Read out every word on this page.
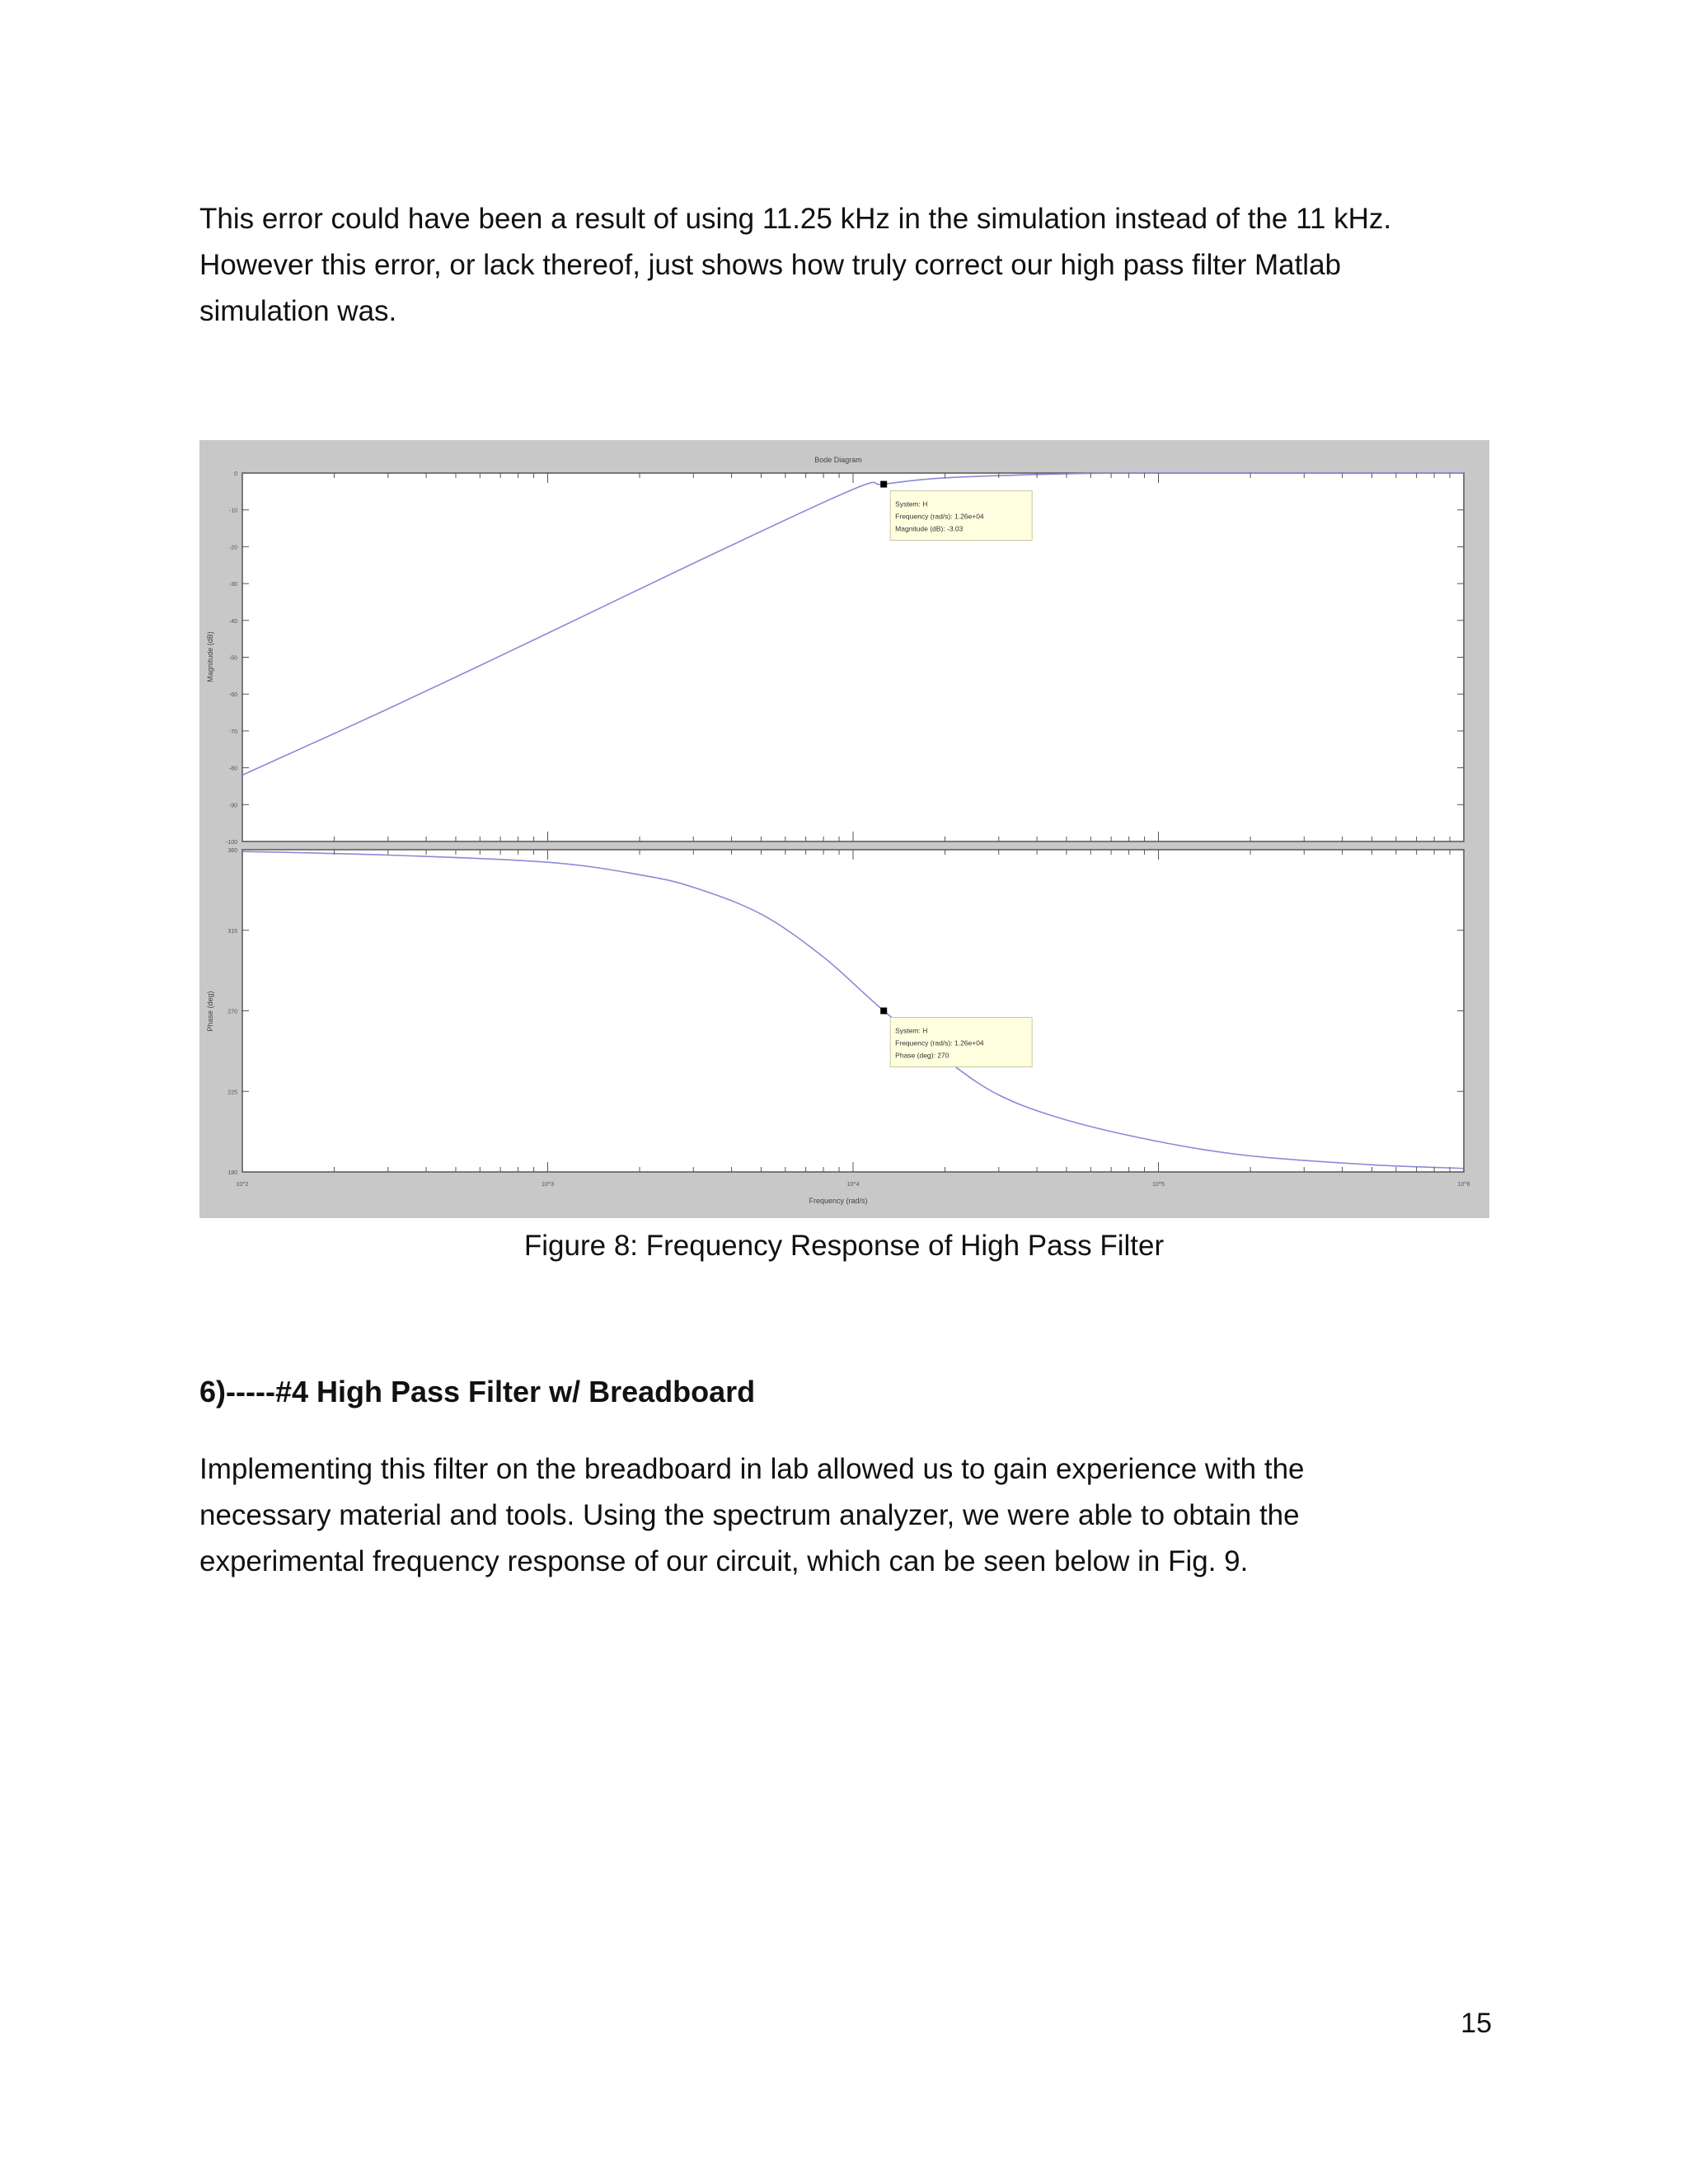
This error could have been a result of using 11.25 kHz in the simulation instead of the 11 kHz.
However this error, or lack thereof, just shows how truly correct our high pass filter Matlab
simulation was.
Bode Diagram
0
-10
-20
-30
-40
-50
-60
-70
-80
-90
-100
Magnitude (dB)
360
315
270
225
180
Phase (deg)
10^2	10^3	10^4	10^5	10^6
Frequency (rad/s)
System: H
Frequency (rad/s): 1.26e+04
Magnitude (dB): -3.03
System: H
Frequency (rad/s): 1.26e+04
Phase (deg): 270

Figure 8: Frequency Response of High Pass Filter

6)-----#4 High Pass Filter w/ Breadboard

Implementing this filter on the breadboard in lab allowed us to gain experience with the
necessary material and tools. Using the spectrum analyzer, we were able to obtain the
experimental frequency response of our circuit, which can be seen below in Fig. 9.

15
